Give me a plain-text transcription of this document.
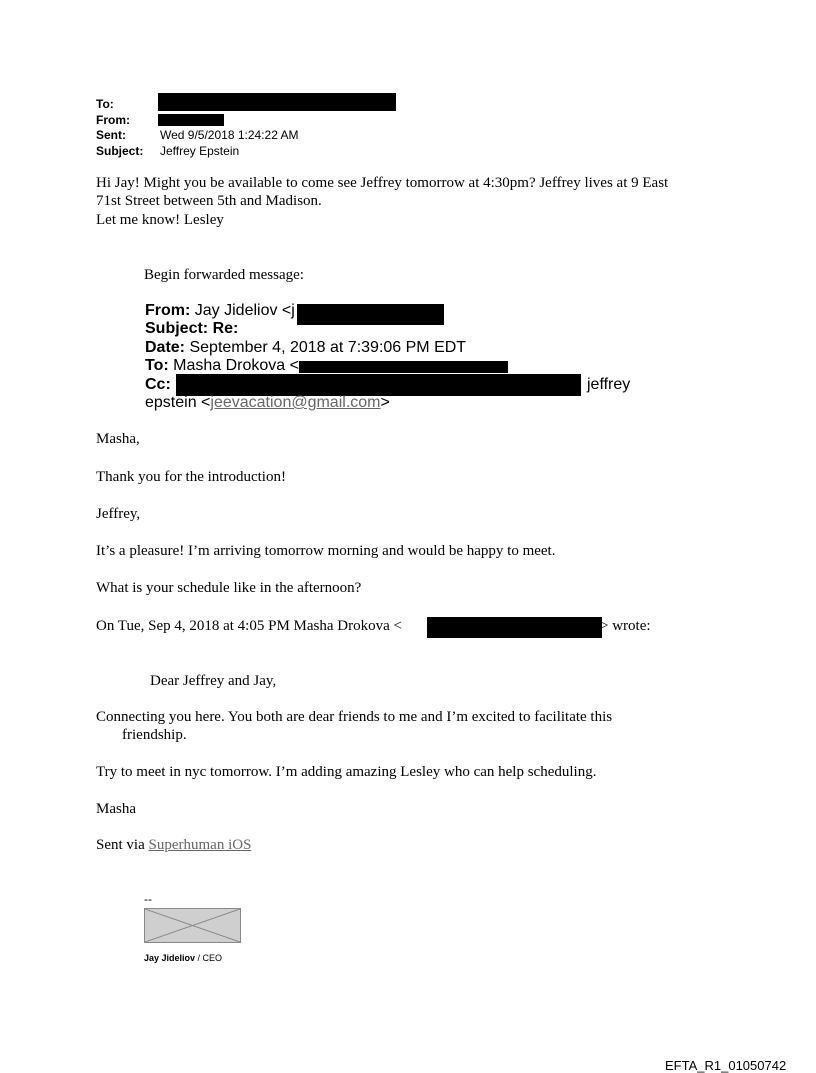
To:
From:
Sent:	Wed 9/5/2018 1:24:22 AM
Subject: Jeffrey Epstein
Hi Jay! Might you be available to come see Jeffrey tomorrow at 4:30pm? Jeffrey lives at 9 East
71st Street between 5th and Madison.
Let me know! Lesley
Begin forwarded message:
From: Jay Jideliov <j
Subject: Re:
Date: September 4, 2018 at 7:39:06 PM EDT
To: Masha Drokova <
Cc:	jeffrey
epstein <jeevacation@gmail.com>
Masha,
Thank you for the introduction!
Jeffrey,
It’s a pleasure! I’m arriving tomorrow morning and would be happy to meet.
What is your schedule like in the afternoon?
On Tue, Sep 4, 2018 at 4:05 PM Masha Drokova <	> wrote:
Dear Jeffrey and Jay,
Connecting you here. You both are dear friends to me and I’m excited to facilitate this
friendship.
Try to meet in nyc tomorrow. I’m adding amazing Lesley who can help scheduling.
Masha
Sent via Superhuman iOS
--
Jay Jideliov / CEO
EFTA_R1_01050742
